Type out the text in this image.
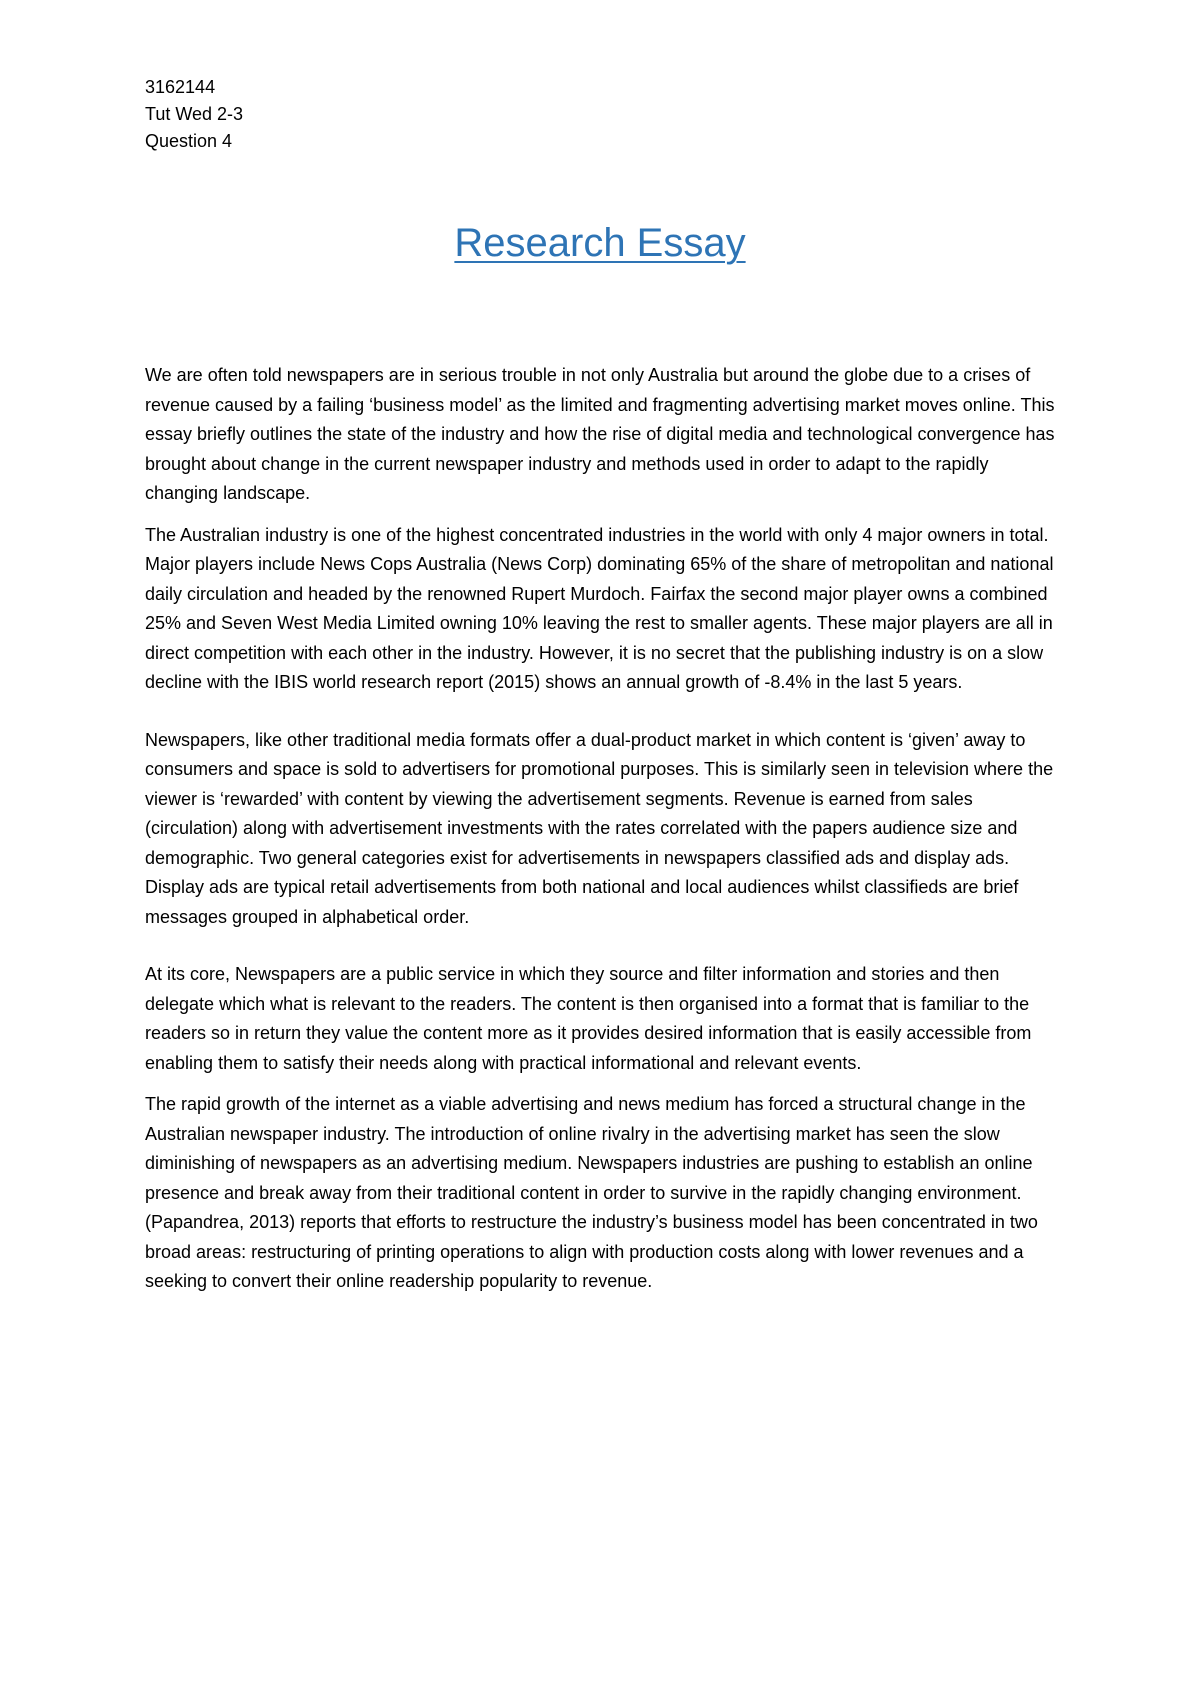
3162144
Tut Wed 2-3
Question 4
Research Essay

We are often told newspapers are in serious trouble in not only Australia but around the globe due to a crises of revenue caused by a failing ‘business model’ as the limited and fragmenting advertising market moves online. This essay briefly outlines the state of the industry and how the rise of digital media and technological convergence has brought about change in the current newspaper industry and methods used in order to adapt to the rapidly changing landscape.

The Australian industry is one of the highest concentrated industries in the world with only 4 major owners in total. Major players include News Cops Australia (News Corp) dominating 65% of the share of metropolitan and national daily circulation and headed by the renowned Rupert Murdoch. Fairfax the second major player owns a combined 25% and Seven West Media Limited owning 10% leaving the rest to smaller agents. These major players are all in direct competition with each other in the industry. However, it is no secret that the publishing industry is on a slow decline with the IBIS world research report (2015) shows an annual growth of -8.4% in the last 5 years.

Newspapers, like other traditional media formats offer a dual-product market in which content is ‘given’ away to consumers and space is sold to advertisers for promotional purposes. This is similarly seen in television where the viewer is ‘rewarded’ with content by viewing the advertisement segments. Revenue is earned from sales (circulation) along with advertisement investments with the rates correlated with the papers audience size and demographic. Two general categories exist for advertisements in newspapers classified ads and display ads. Display ads are typical retail advertisements from both national and local audiences whilst classifieds are brief messages grouped in alphabetical order.

At its core, Newspapers are a public service in which they source and filter information and stories and then delegate which what is relevant to the readers. The content is then organised into a format that is familiar to the readers so in return they value the content more as it provides desired information that is easily accessible from enabling them to satisfy their needs along with practical informational and relevant events.

The rapid growth of the internet as a viable advertising and news medium has forced a structural change in the Australian newspaper industry. The introduction of online rivalry in the advertising market has seen the slow diminishing of newspapers as an advertising medium. Newspapers industries are pushing to establish an online presence and break away from their traditional content in order to survive in the rapidly changing environment. (Papandrea, 2013) reports that efforts to restructure the industry’s business model has been concentrated in two broad areas: restructuring of printing operations to align with production costs along with lower revenues and a seeking to convert their online readership popularity to revenue.
